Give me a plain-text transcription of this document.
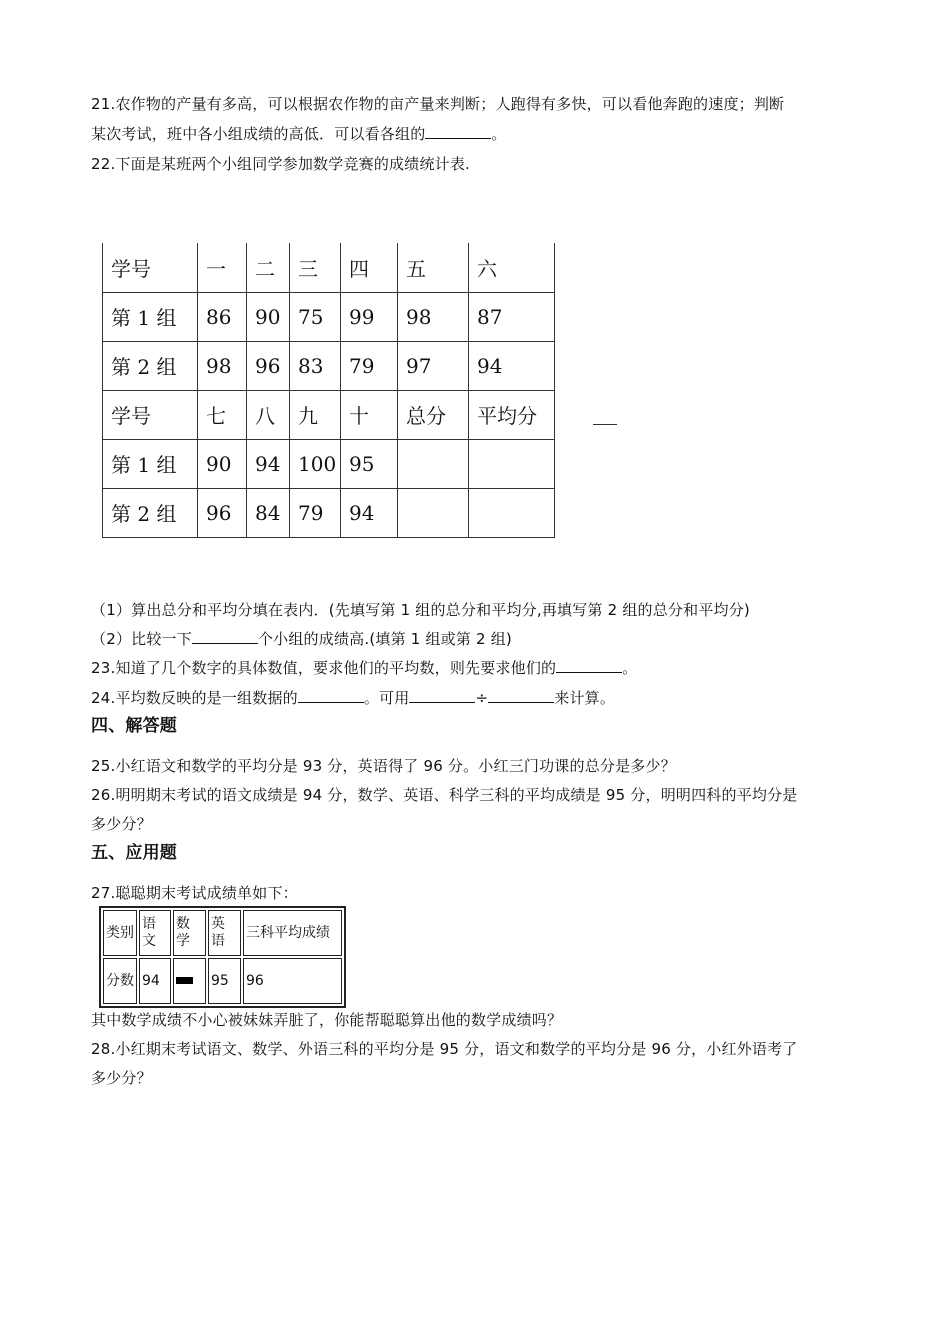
21.农作物的产量有多高，可以根据农作物的亩产量来判断；人跑得有多快，可以看他奔跑的速度；判断
某次考试，班中各小组成绩的高低．可以看各组的	。
22.下面是某班两个小组同学参加数学竞赛的成绩统计表.
学号	一	二	三	四	五	六
第 1 组	86	90	75	99	98	87
第 2 组	98	96	83	79	97	94
学号	七	八	九	十	总分	平均分
第 1 组	90	94	100	95		
第 2 组	96	84	79	94		
（1）算出总分和平均分填在表内．(先填写第 1 组的总分和平均分,再填写第 2 组的总分和平均分)
（2）比较一下	个小组的成绩高.(填第 1 组或第 2 组)
23.知道了几个数字的具体数值，要求他们的平均数，则先要求他们的	。
24.平均数反映的是一组数据的	。可用	÷	来计算。
四、解答题
25.小红语文和数学的平均分是 93 分，英语得了 96 分。小红三门功课的总分是多少？
26.明明期末考试的语文成绩是 94 分，数学、英语、科学三科的平均成绩是 95 分，明明四科的平均分是
多少分？
五、应用题
27.聪聪期末考试成绩单如下：
类别	语文	数学	英语	三科平均成绩
分数	94		95	96
其中数学成绩不小心被妹妹弄脏了，你能帮聪聪算出他的数学成绩吗？
28.小红期末考试语文、数学、外语三科的平均分是 95 分，语文和数学的平均分是 96 分，小红外语考了
多少分？
